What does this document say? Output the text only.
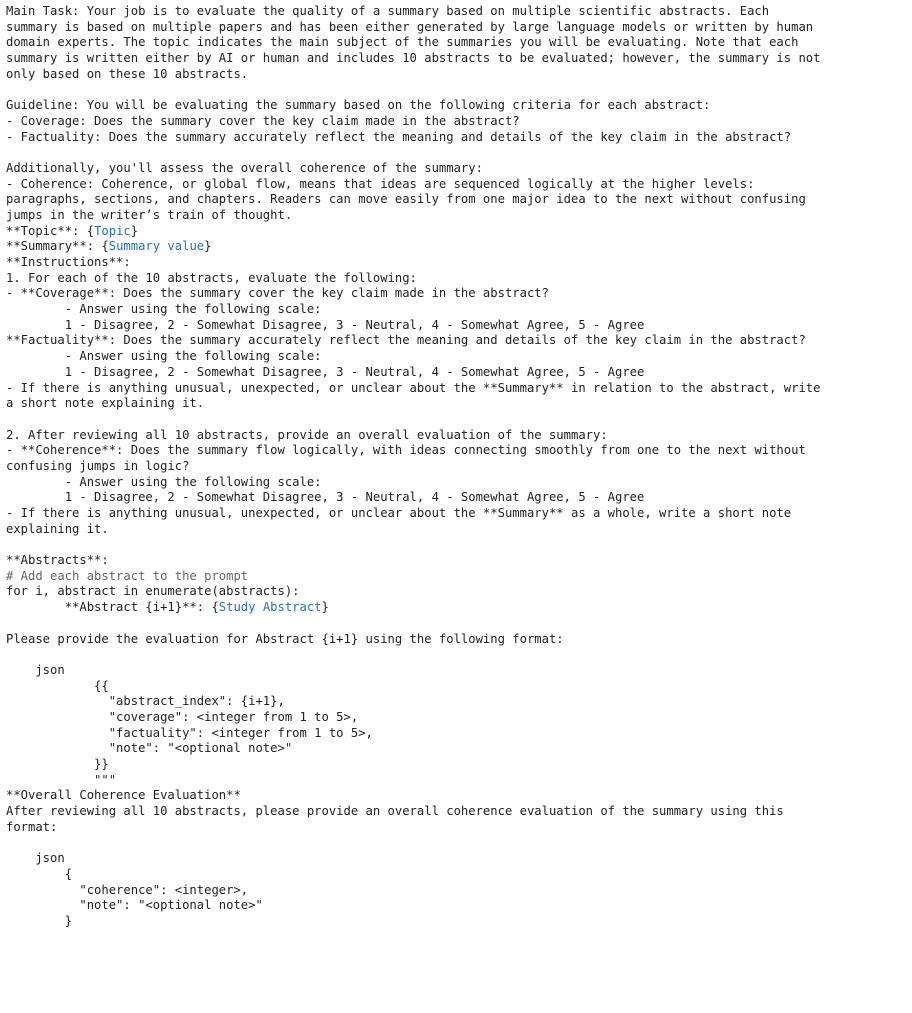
Main Task: Your job is to evaluate the quality of a summary based on multiple scientific abstracts. Each
summary is based on multiple papers and has been either generated by large language models or written by human
domain experts. The topic indicates the main subject of the summaries you will be evaluating. Note that each
summary is written either by AI or human and includes 10 abstracts to be evaluated; however, the summary is not
only based on these 10 abstracts.
Guideline: You will be evaluating the summary based on the following criteria for each abstract:
- Coverage: Does the summary cover the key claim made in the abstract?
- Factuality: Does the summary accurately reflect the meaning and details of the key claim in the abstract?
Additionally, you'll assess the overall coherence of the summary:
- Coherence: Coherence, or global flow, means that ideas are sequenced logically at the higher levels:
paragraphs, sections, and chapters. Readers can move easily from one major idea to the next without confusing
jumps in the writer’s train of thought.
**Topic**: {Topic}
**Summary**: {Summary value}
**Instructions**:
1. For each of the 10 abstracts, evaluate the following:
- **Coverage**: Does the summary cover the key claim made in the abstract?
- Answer using the following scale:
1 - Disagree, 2 - Somewhat Disagree, 3 - Neutral, 4 - Somewhat Agree, 5 - Agree
**Factuality**: Does the summary accurately reflect the meaning and details of the key claim in the abstract?
- Answer using the following scale:
1 - Disagree, 2 - Somewhat Disagree, 3 - Neutral, 4 - Somewhat Agree, 5 - Agree
- If there is anything unusual, unexpected, or unclear about the **Summary** in relation to the abstract, write
a short note explaining it.
2. After reviewing all 10 abstracts, provide an overall evaluation of the summary:
- **Coherence**: Does the summary flow logically, with ideas connecting smoothly from one to the next without
confusing jumps in logic?
- Answer using the following scale:
1 - Disagree, 2 - Somewhat Disagree, 3 - Neutral, 4 - Somewhat Agree, 5 - Agree
- If there is anything unusual, unexpected, or unclear about the **Summary** as a whole, write a short note
explaining it.
**Abstracts**:
# Add each abstract to the prompt
for i, abstract in enumerate(abstracts):
**Abstract {i+1}**: {Study Abstract}
Please provide the evaluation for Abstract {i+1} using the following format:
json
{{
"abstract_index": {i+1},
"coverage": <integer from 1 to 5>,
"factuality": <integer from 1 to 5>,
"note": "<optional note>"
}}
"""
**Overall Coherence Evaluation**
After reviewing all 10 abstracts, please provide an overall coherence evaluation of the summary using this
format:
json
{
"coherence": <integer>,
"note": "<optional note>"
}
